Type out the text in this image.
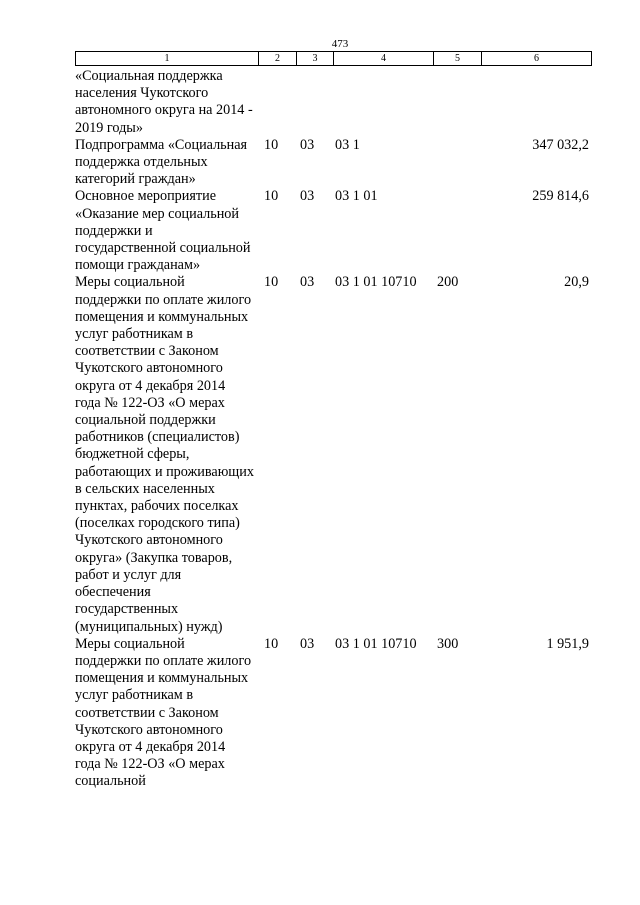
473
1	2	3	4	5	6
«Социальная поддержка населения Чукотского автономного округа на 2014 - 2019 годы»					
Подпрограмма «Социальная поддержка отдельных категорий граждан»	10	03	03 1		347 032,2
Основное мероприятие «Оказание мер социальной поддержки и государственной социальной помощи гражданам»	10	03	03 1 01		259 814,6
Меры социальной поддержки по оплате жилого помещения и коммунальных услуг работникам в соответствии с Законом Чукотского автономного округа от 4 декабря 2014 года № 122-ОЗ «О мерах социальной поддержки работников (специалистов) бюджетной сферы, работающих и проживающих в сельских населенных пунктах, рабочих поселках (поселках городского типа) Чукотского автономного округа» (Закупка товаров, работ и услуг для обеспечения государственных (муниципальных) нужд)	10	03	03 1 01 10710	200	20,9
Меры социальной поддержки по оплате жилого помещения и коммунальных услуг работникам в соответствии с Законом Чукотского автономного округа от 4 декабря 2014 года № 122-ОЗ «О мерах социальной	10	03	03 1 01 10710	300	1 951,9
